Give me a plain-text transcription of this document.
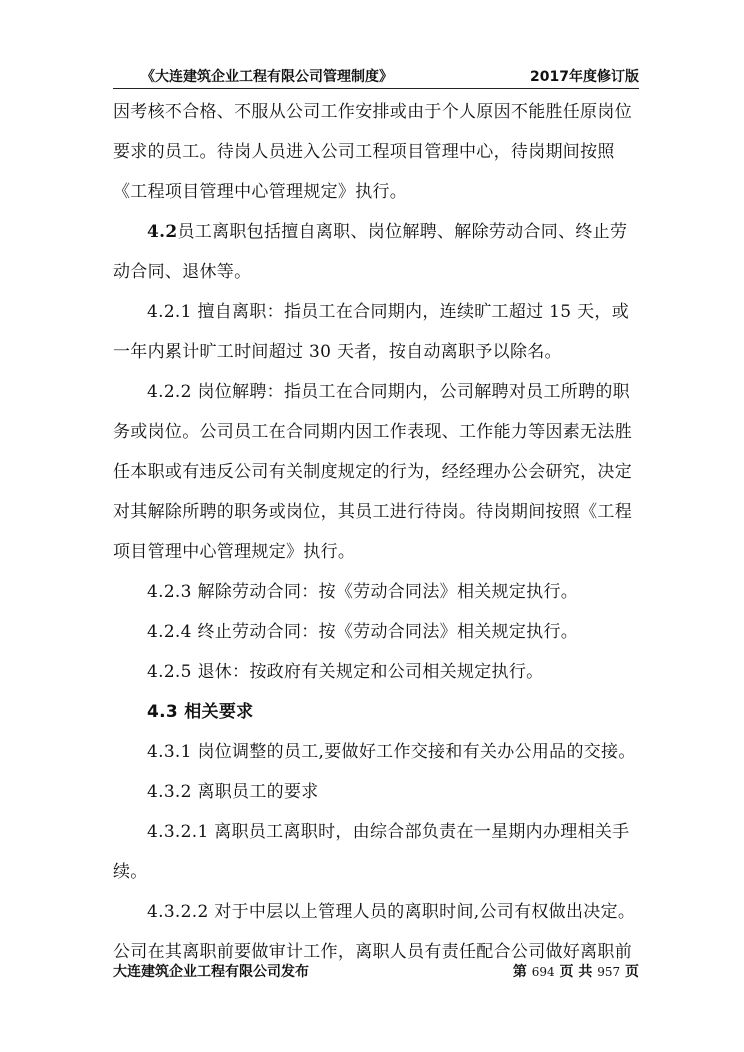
《大连建筑企业工程有限公司管理制度》	2017年度修订版
因考核不合格、不服从公司工作安排或由于个人原因不能胜任原岗位
要求的员工。待岗人员进入公司工程项目管理中心，待岗期间按照
《工程项目管理中心管理规定》执行。
4.2员工离职包括擅自离职、岗位解聘、解除劳动合同、终止劳
动合同、退休等。
4.2.1 擅自离职：指员工在合同期内，连续旷工超过 15 天，或
一年内累计旷工时间超过 30 天者，按自动离职予以除名。
4.2.2 岗位解聘：指员工在合同期内，公司解聘对员工所聘的职
务或岗位。公司员工在合同期内因工作表现、工作能力等因素无法胜
任本职或有违反公司有关制度规定的行为，经经理办公会研究，决定
对其解除所聘的职务或岗位，其员工进行待岗。待岗期间按照《工程
项目管理中心管理规定》执行。
4.2.3 解除劳动合同：按《劳动合同法》相关规定执行。
4.2.4 终止劳动合同：按《劳动合同法》相关规定执行。
4.2.5 退休：按政府有关规定和公司相关规定执行。
4.3 相关要求
4.3.1 岗位调整的员工,要做好工作交接和有关办公用品的交接。
4.3.2 离职员工的要求
4.3.2.1 离职员工离职时，由综合部负责在一星期内办理相关手
续。
4.3.2.2 对于中层以上管理人员的离职时间,公司有权做出决定。
公司在其离职前要做审计工作，离职人员有责任配合公司做好离职前
大连建筑企业工程有限公司发布	第 694 页 共 957 页
